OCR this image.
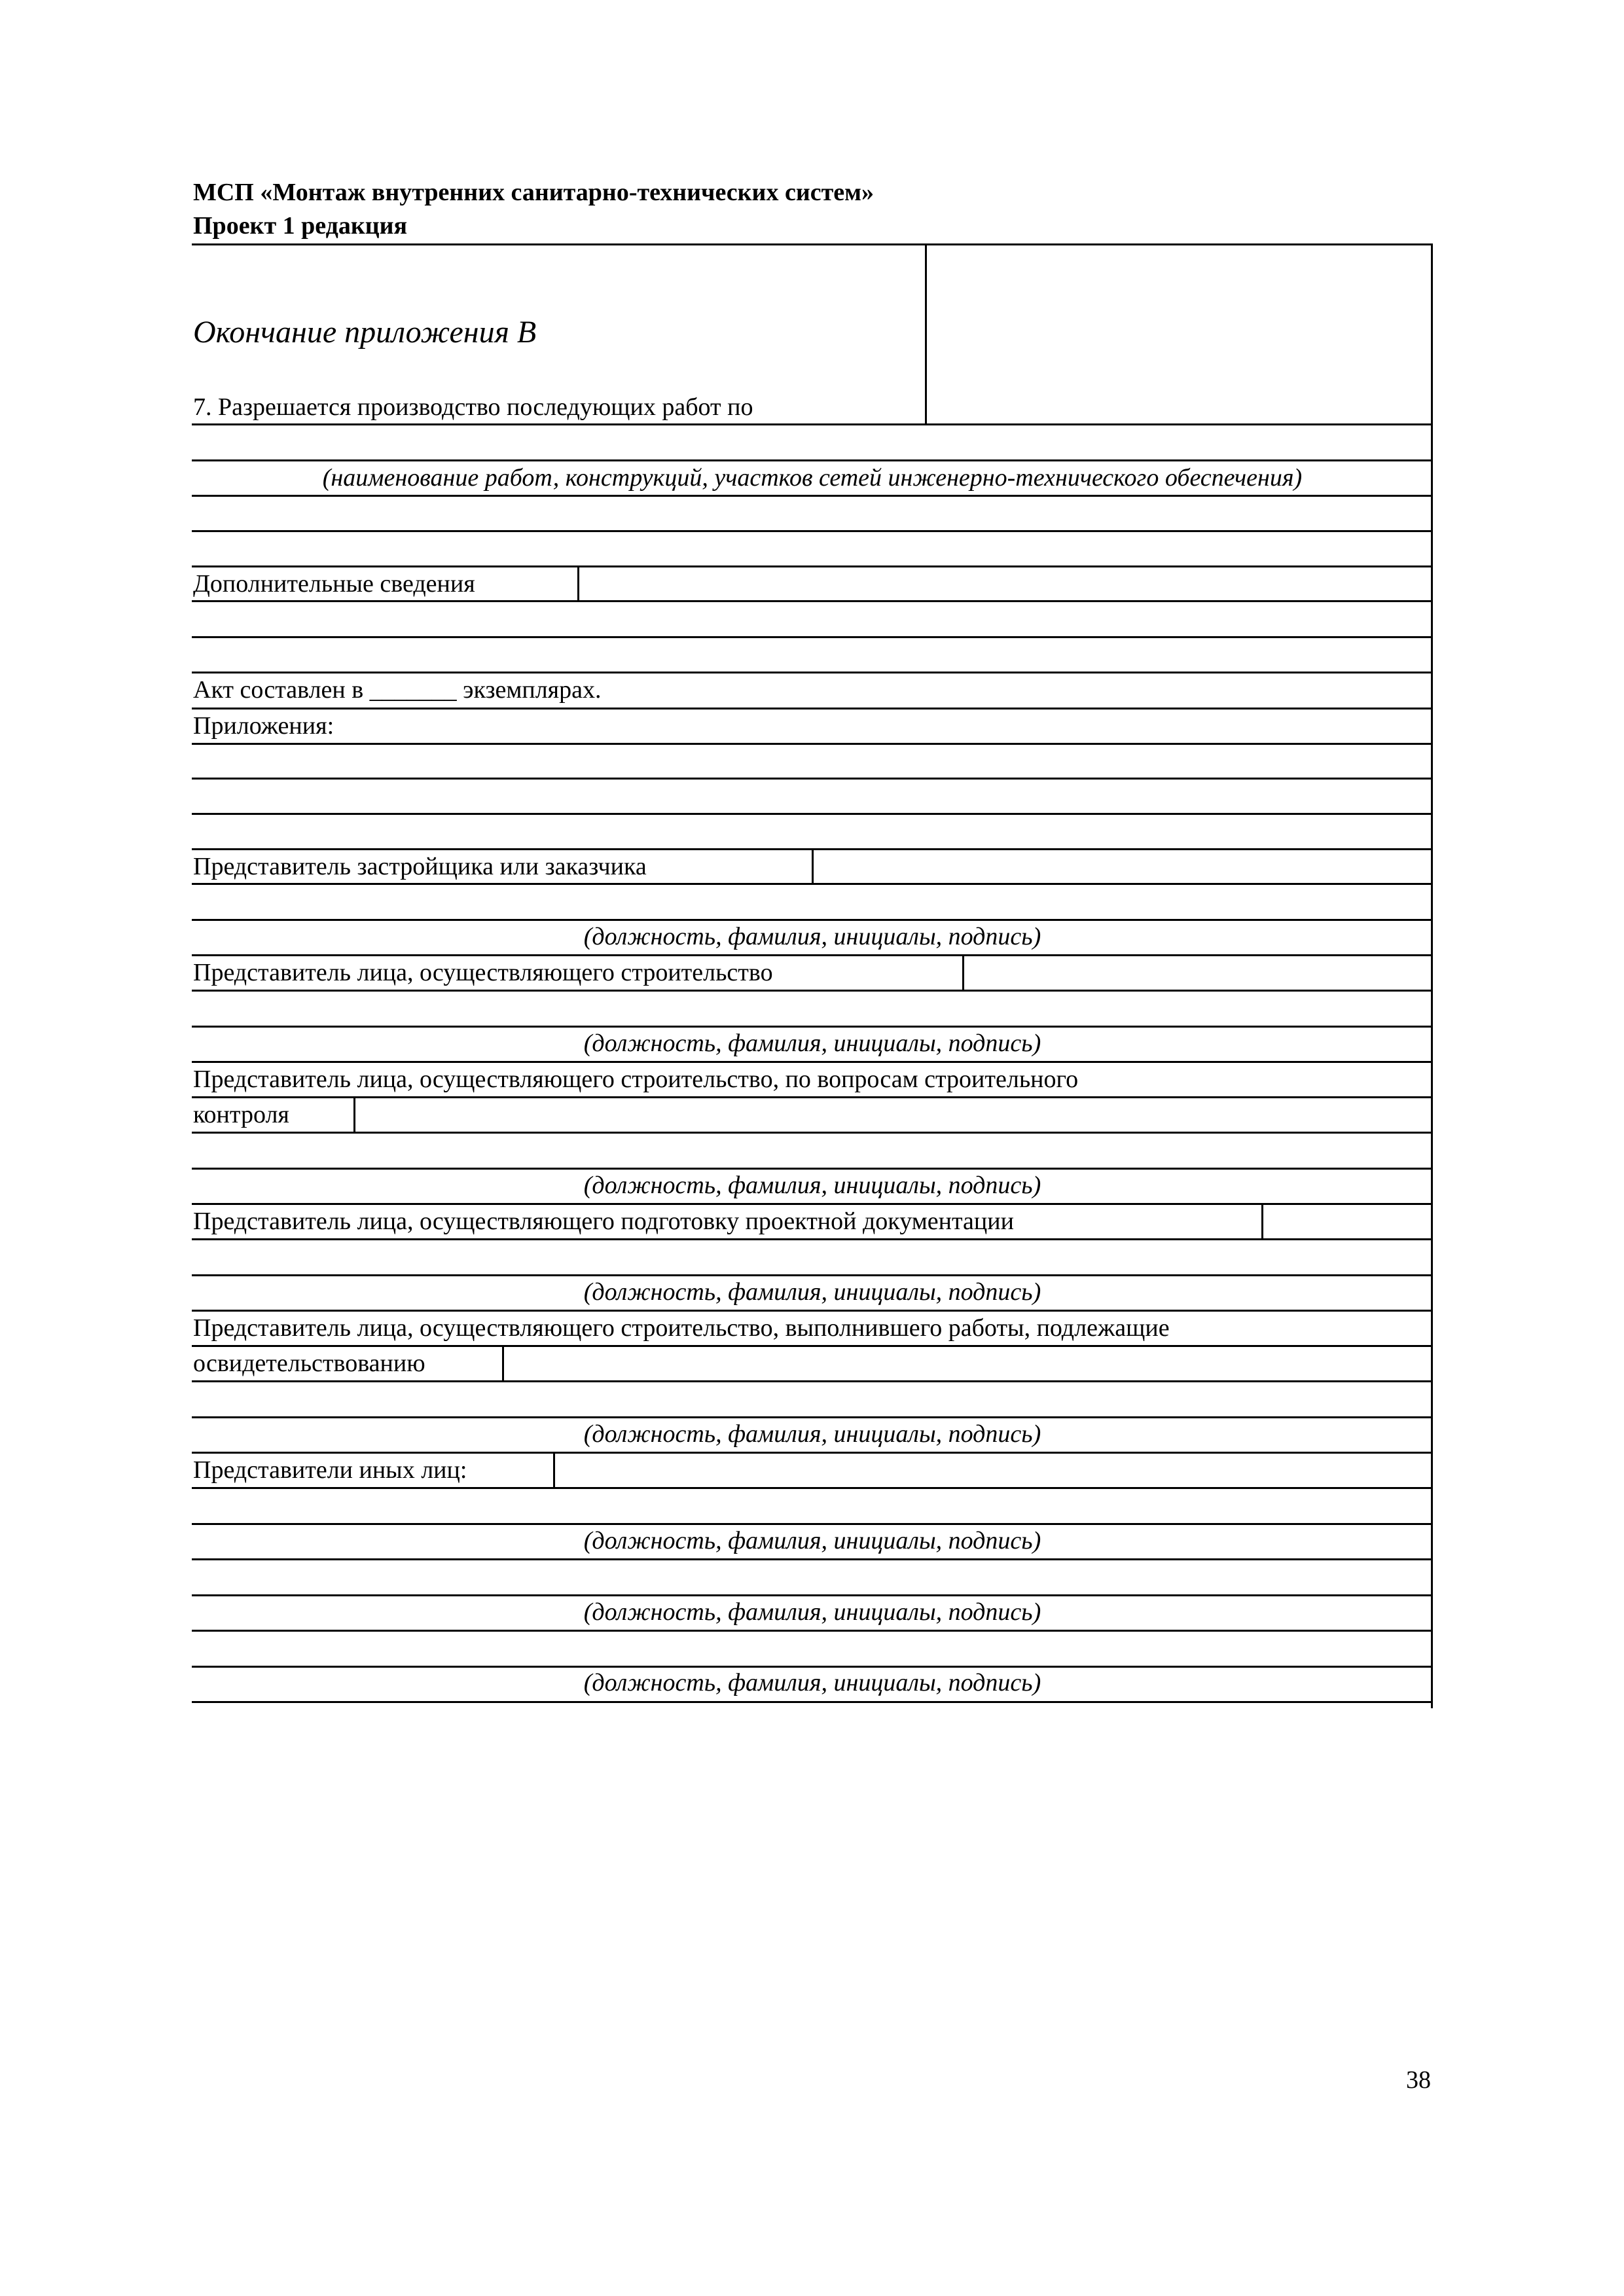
МСП «Монтаж внутренних санитарно-технических систем»
Проект 1 редакция
Окончание приложения В
7. Разрешается производство последующих работ по
(наименование работ, конструкций, участков сетей инженерно-технического обеспечения)
Дополнительные сведения
Акт составлен в _______ экземплярах.
Приложения:
Представитель застройщика или заказчика
(должность, фамилия, инициалы, подпись)
Представитель лица, осуществляющего строительство
(должность, фамилия, инициалы, подпись)
Представитель лица, осуществляющего строительство, по вопросам строительного
контроля
(должность, фамилия, инициалы, подпись)
Представитель лица, осуществляющего подготовку проектной документации
(должность, фамилия, инициалы, подпись)
Представитель лица, осуществляющего строительство, выполнившего работы, подлежащие
освидетельствованию
(должность, фамилия, инициалы, подпись)
Представители иных лиц:
(должность, фамилия, инициалы, подпись)
(должность, фамилия, инициалы, подпись)
(должность, фамилия, инициалы, подпись)
38
